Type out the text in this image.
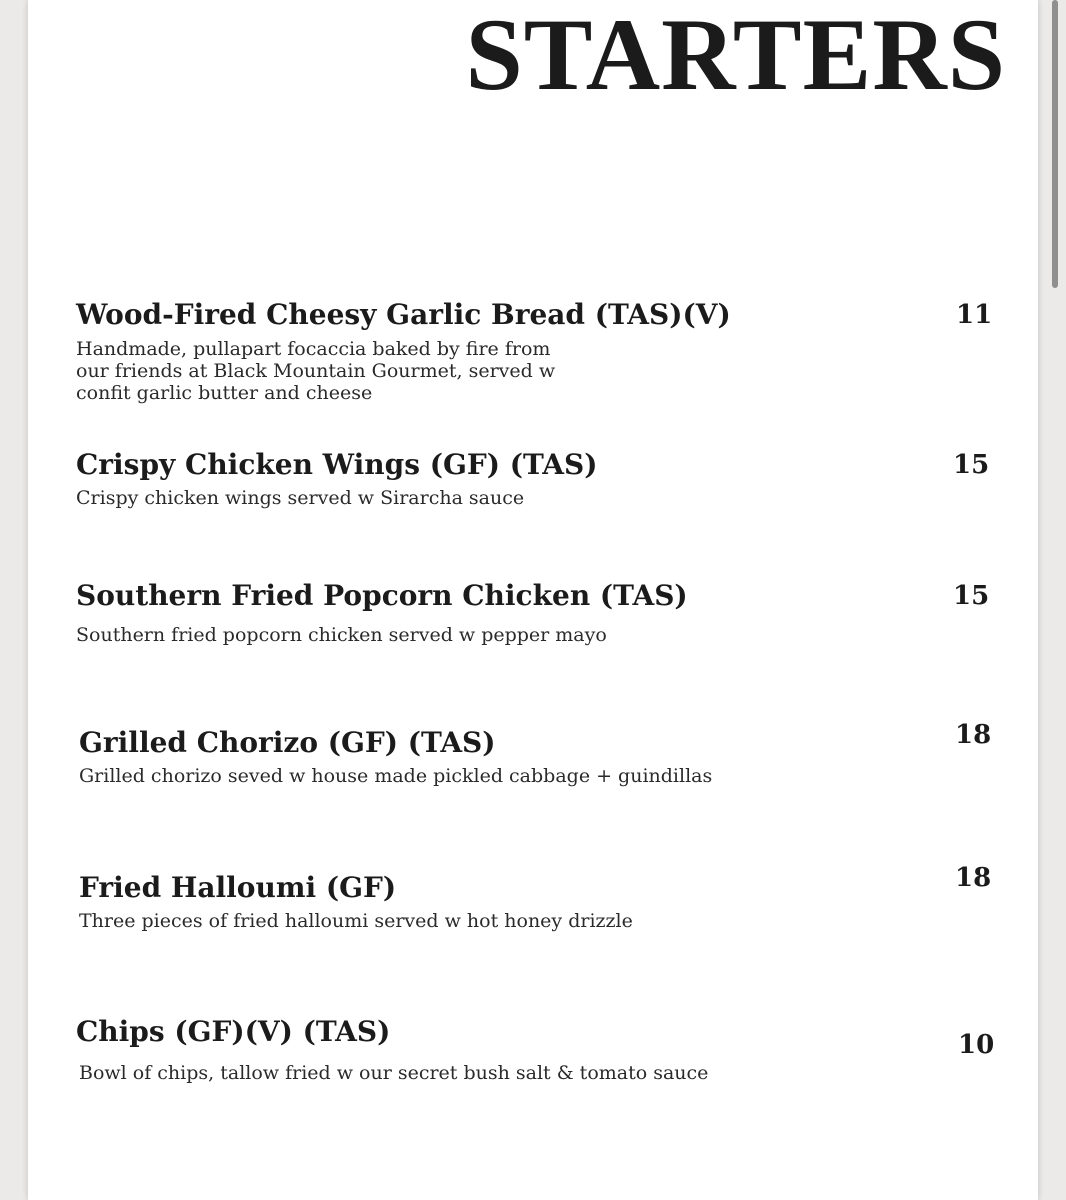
STARTERS
Wood-Fired Cheesy Garlic Bread (TAS)(V)	11

Handmade, pullapart focaccia baked by fire from
our friends at Black Mountain Gourmet, served w
confit garlic butter and cheese

Crispy Chicken Wings (GF) (TAS)	15

Crispy chicken wings served w Sirarcha sauce

Southern Fried Popcorn Chicken (TAS)	15

Southern fried popcorn chicken served w pepper mayo

Grilled Chorizo (GF) (TAS)	18

Grilled chorizo seved w house made pickled cabbage + guindillas

Fried Halloumi (GF)	18

Three pieces of fried halloumi served w hot honey drizzle

Chips (GF)(V) (TAS)	10

Bowl of chips, tallow fried w our secret bush salt & tomato sauce
